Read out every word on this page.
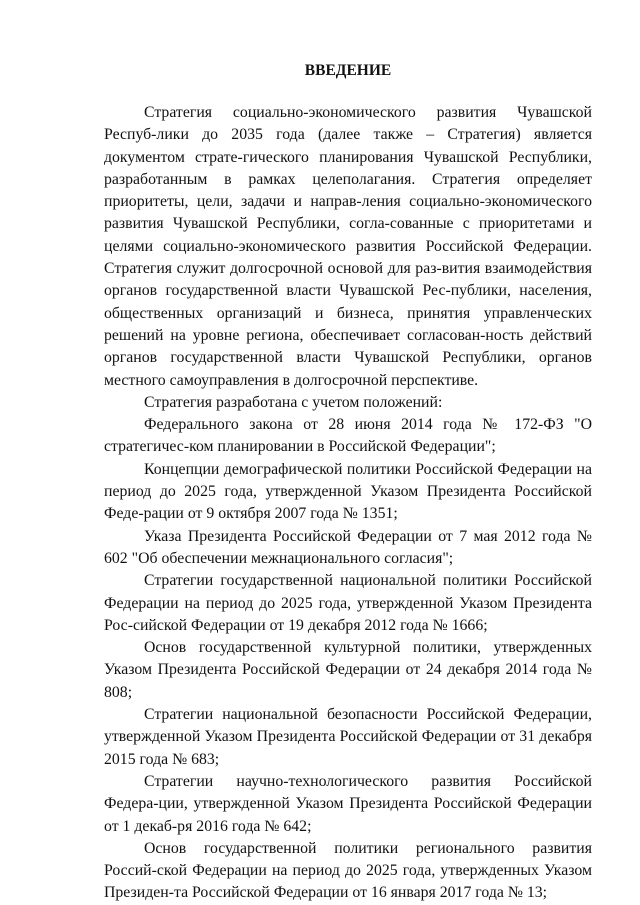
ВВЕДЕНИЕ

Стратегия социально-экономического развития Чувашской Респуб-лики до 2035 года (далее также – Стратегия) является документом страте-гического планирования Чувашской Республики, разработанным в рамках целеполагания. Стратегия определяет приоритеты, цели, задачи и направ-ления социально-экономического развития Чувашской Республики, согла-сованные с приоритетами и целями социально-экономического развития Российской Федерации. Стратегия служит долгосрочной основой для раз-вития взаимодействия органов государственной власти Чувашской Рес-публики, населения, общественных организаций и бизнеса, принятия управленческих решений на уровне региона, обеспечивает согласован-ность действий органов государственной власти Чувашской Республики, органов местного самоуправления в долгосрочной перспективе.

Стратегия разработана с учетом положений:

Федерального закона от 28 июня 2014 года № 172-ФЗ "О стратегичес-ком планировании в Российской Федерации";

Концепции демографической политики Российской Федерации на период до 2025 года, утвержденной Указом Президента Российской Феде-рации от 9 октября 2007 года № 1351;

Указа Президента Российской Федерации от 7 мая 2012 года № 602 "Об обеспечении межнационального согласия";

Стратегии государственной национальной политики Российской Федерации на период до 2025 года, утвержденной Указом Президента Рос-сийской Федерации от 19 декабря 2012 года № 1666;

Основ государственной культурной политики, утвержденных Указом Президента Российской Федерации от 24 декабря 2014 года № 808;

Стратегии национальной безопасности Российской Федерации, утвержденной Указом Президента Российской Федерации от 31 декабря 2015 года № 683;

Стратегии научно-технологического развития Российской Федера-ции, утвержденной Указом Президента Российской Федерации от 1 декаб-ря 2016 года № 642;

Основ государственной политики регионального развития Россий-ской Федерации на период до 2025 года, утвержденных Указом Президен-та Российской Федерации от 16 января 2017 года № 13;
